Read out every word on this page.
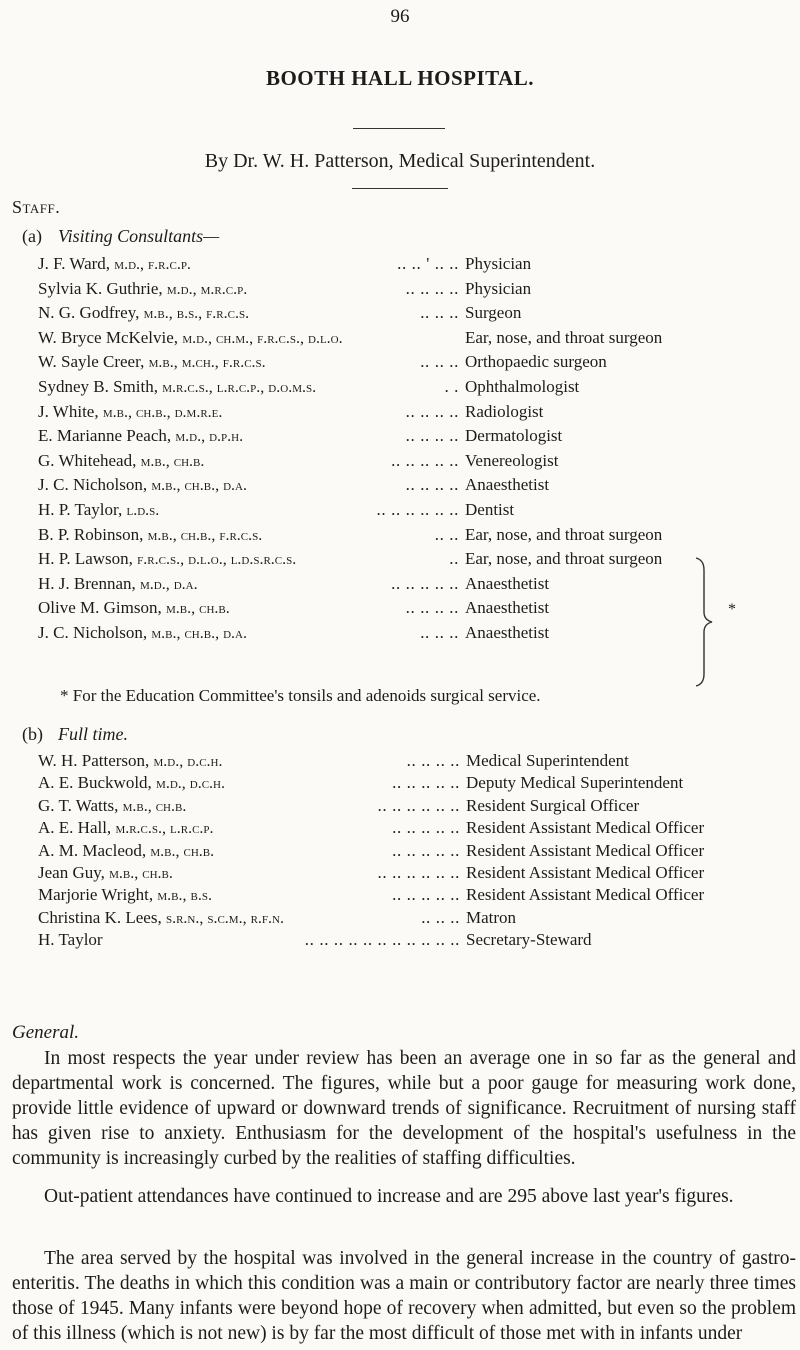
96
BOOTH HALL HOSPITAL.
By Dr. W. H. Patterson, Medical Superintendent.
Staff.
(a) Visiting Consultants—
J. F. Ward, m.d., f.r.c.p.	.. .. ' .. .. Physician
Sylvia K. Guthrie, m.d., m.r.c.p.	.. .. .. .. Physician
N. G. Godfrey, m.b., b.s., f.r.c.s.	.. .. .. Surgeon
W. Bryce McKelvie, m.d., ch.m., f.r.c.s., d.l.o.	Ear, nose, and throat surgeon
W. Sayle Creer, m.b., m.ch., f.r.c.s.	.. .. .. Orthopaedic surgeon
Sydney B. Smith, m.r.c.s., l.r.c.p., d.o.m.s.	. . Ophthalmologist
J. White, m.b., ch.b., d.m.r.e.	.. .. .. .. Radiologist
E. Marianne Peach, m.d., d.p.h.	.. .. .. .. Dermatologist
G. Whitehead, m.b., ch.b.	.. .. .. .. .. Venereologist
J. C. Nicholson, m.b., ch.b., d.a.	.. .. .. .. Anaesthetist
H. P. Taylor, l.d.s.	.. .. .. .. .. .. Dentist
B. P. Robinson, m.b., ch.b., f.r.c.s.	.. .. Ear, nose, and throat surgeon
H. P. Lawson, f.r.c.s., d.l.o., l.d.s.r.c.s.	.. Ear, nose, and throat surgeon
H. J. Brennan, m.d., d.a.	.. .. .. .. .. Anaesthetist
Olive M. Gimson, m.b., ch.b.	.. .. .. .. Anaesthetist
J. C. Nicholson, m.b., ch.b., d.a.	.. .. .. Anaesthetist
*
* For the Education Committee's tonsils and adenoids surgical service.
(b) Full time.
W. H. Patterson, m.d., d.c.h.	.. .. .. .. Medical Superintendent
A. E. Buckwold, m.d., d.c.h.	.. .. .. .. .. Deputy Medical Superintendent
G. T. Watts, m.b., ch.b.	.. .. .. .. .. .. Resident Surgical Officer
A. E. Hall, m.r.c.s., l.r.c.p.	.. .. .. .. .. Resident Assistant Medical Officer
A. M. Macleod, m.b., ch.b.	.. .. .. .. .. Resident Assistant Medical Officer
Jean Guy, m.b., ch.b.	.. .. .. .. .. .. Resident Assistant Medical Officer
Marjorie Wright, m.b., b.s.	.. .. .. .. .. Resident Assistant Medical Officer
Christina K. Lees, s.r.n., s.c.m., r.f.n.	.. .. .. Matron
H. Taylor	.. .. .. .. .. .. .. .. .. .. .. Secretary-Steward
General.

In most respects the year under review has been an average one in so far as the general and departmental work is concerned. The figures, while but a poor gauge for measuring work done, provide little evidence of upward or downward trends of significance. Recruitment of nursing staff has given rise to anxiety. Enthusiasm for the development of the hospital's usefulness in the community is increasingly curbed by the realities of staffing difficulties.

Out-patient attendances have continued to increase and are 295 above last year's figures.

The area served by the hospital was involved in the general increase in the country of gastro-enteritis. The deaths in which this condition was a main or contributory factor are nearly three times those of 1945. Many infants were beyond hope of recovery when admitted, but even so the problem of this illness (which is not new) is by far the most difficult of those met with in infants under
